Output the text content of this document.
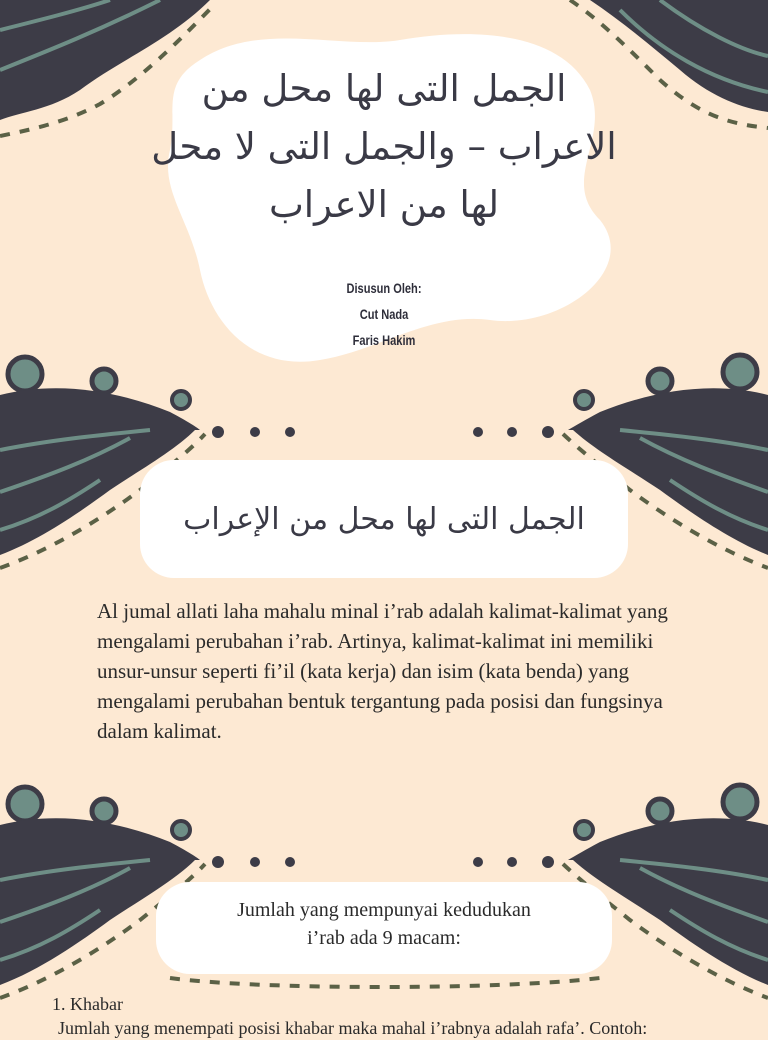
الجمل التى لها محل من
الاعراب – والجمل التى لا محل
لها من الاعراب
Disusun Oleh:
Cut Nada
Faris Hakim
الجمل التى لها محل من الإعراب
Al jumal allati laha mahalu minal i’rab adalah kalimat-kalimat yang mengalami perubahan i’rab. Artinya, kalimat-kalimat ini memiliki unsur-unsur seperti fi’il (kata kerja) dan isim (kata benda) yang mengalami perubahan bentuk tergantung pada posisi dan fungsinya dalam kalimat.
Jumlah yang mempunyai kedudukan
i’rab ada 9 macam:
1. Khabar
Jumlah yang menempati posisi khabar maka mahal i’rabnya adalah rafa’. Contoh:
